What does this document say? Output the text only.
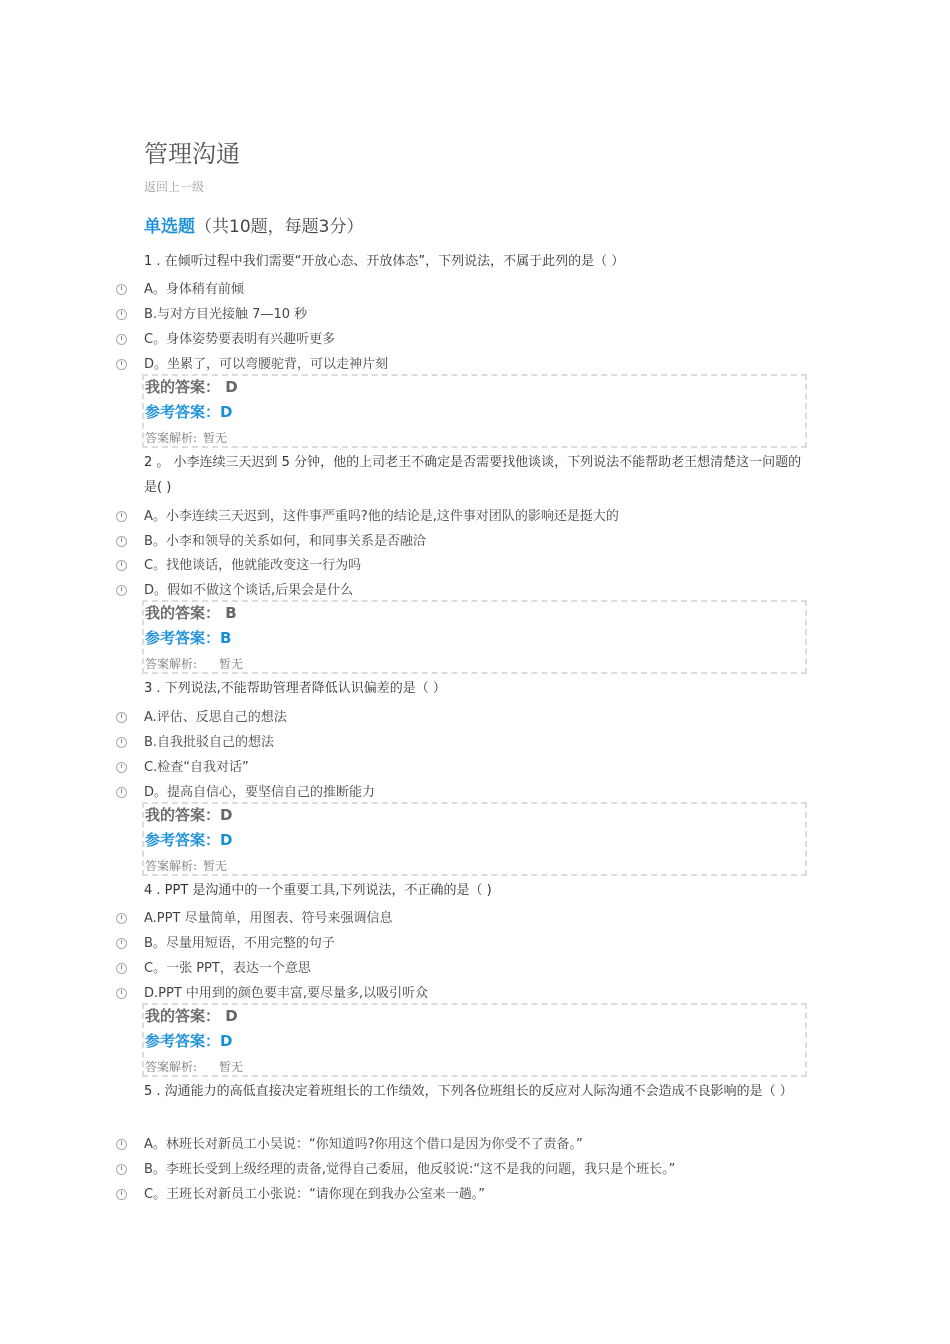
管理沟通
返回上一级
单选题（共10题，每题3分）
1 . 在倾听过程中我们需要“开放心态、开放体态”，下列说法，不属于此列的是（ ）
A。身体稍有前倾
B.与对方目光接触 7—10 秒
C。身体姿势要表明有兴趣听更多
D。坐累了，可以弯腰驼背，可以走神片刻
我的答案： D
参考答案：D
答案解析: 暂无
2 。 小李连续三天迟到 5 分钟，他的上司老王不确定是否需要找他谈谈，下列说法不能帮助老王想清楚这一问题的是( )
A。小李连续三天迟到，这件事严重吗?他的结论是,这件事对团队的影响还是挺大的
B。小李和领导的关系如何，和同事关系是否融洽
C。找他谈话，他就能改变这一行为吗
D。假如不做这个谈话,后果会是什么
我的答案： B
参考答案：B
答案解析: 暂无
3 . 下列说法,不能帮助管理者降低认识偏差的是（ ）
A.评估、反思自己的想法
B.自我批驳自己的想法
C.检查“自我对话”
D。提高自信心，要坚信自己的推断能力
我的答案：D
参考答案：D
答案解析: 暂无
4 . PPT 是沟通中的一个重要工具,下列说法，不正确的是（ )
A.PPT 尽量简单，用图表、符号来强调信息
B。尽量用短语，不用完整的句子
C。一张 PPT，表达一个意思
D.PPT 中用到的颜色要丰富,要尽量多,以吸引听众
我的答案： D
参考答案：D
答案解析: 暂无
5 . 沟通能力的高低直接决定着班组长的工作绩效，下列各位班组长的反应对人际沟通不会造成不良影响的是（ ）
A。林班长对新员工小吴说：“你知道吗?你用这个借口是因为你受不了责备。”
B。李班长受到上级经理的责备,觉得自己委屈，他反驳说:“这不是我的问题，我只是个班长。”
C。王班长对新员工小张说：“请你现在到我办公室来一趟。”
